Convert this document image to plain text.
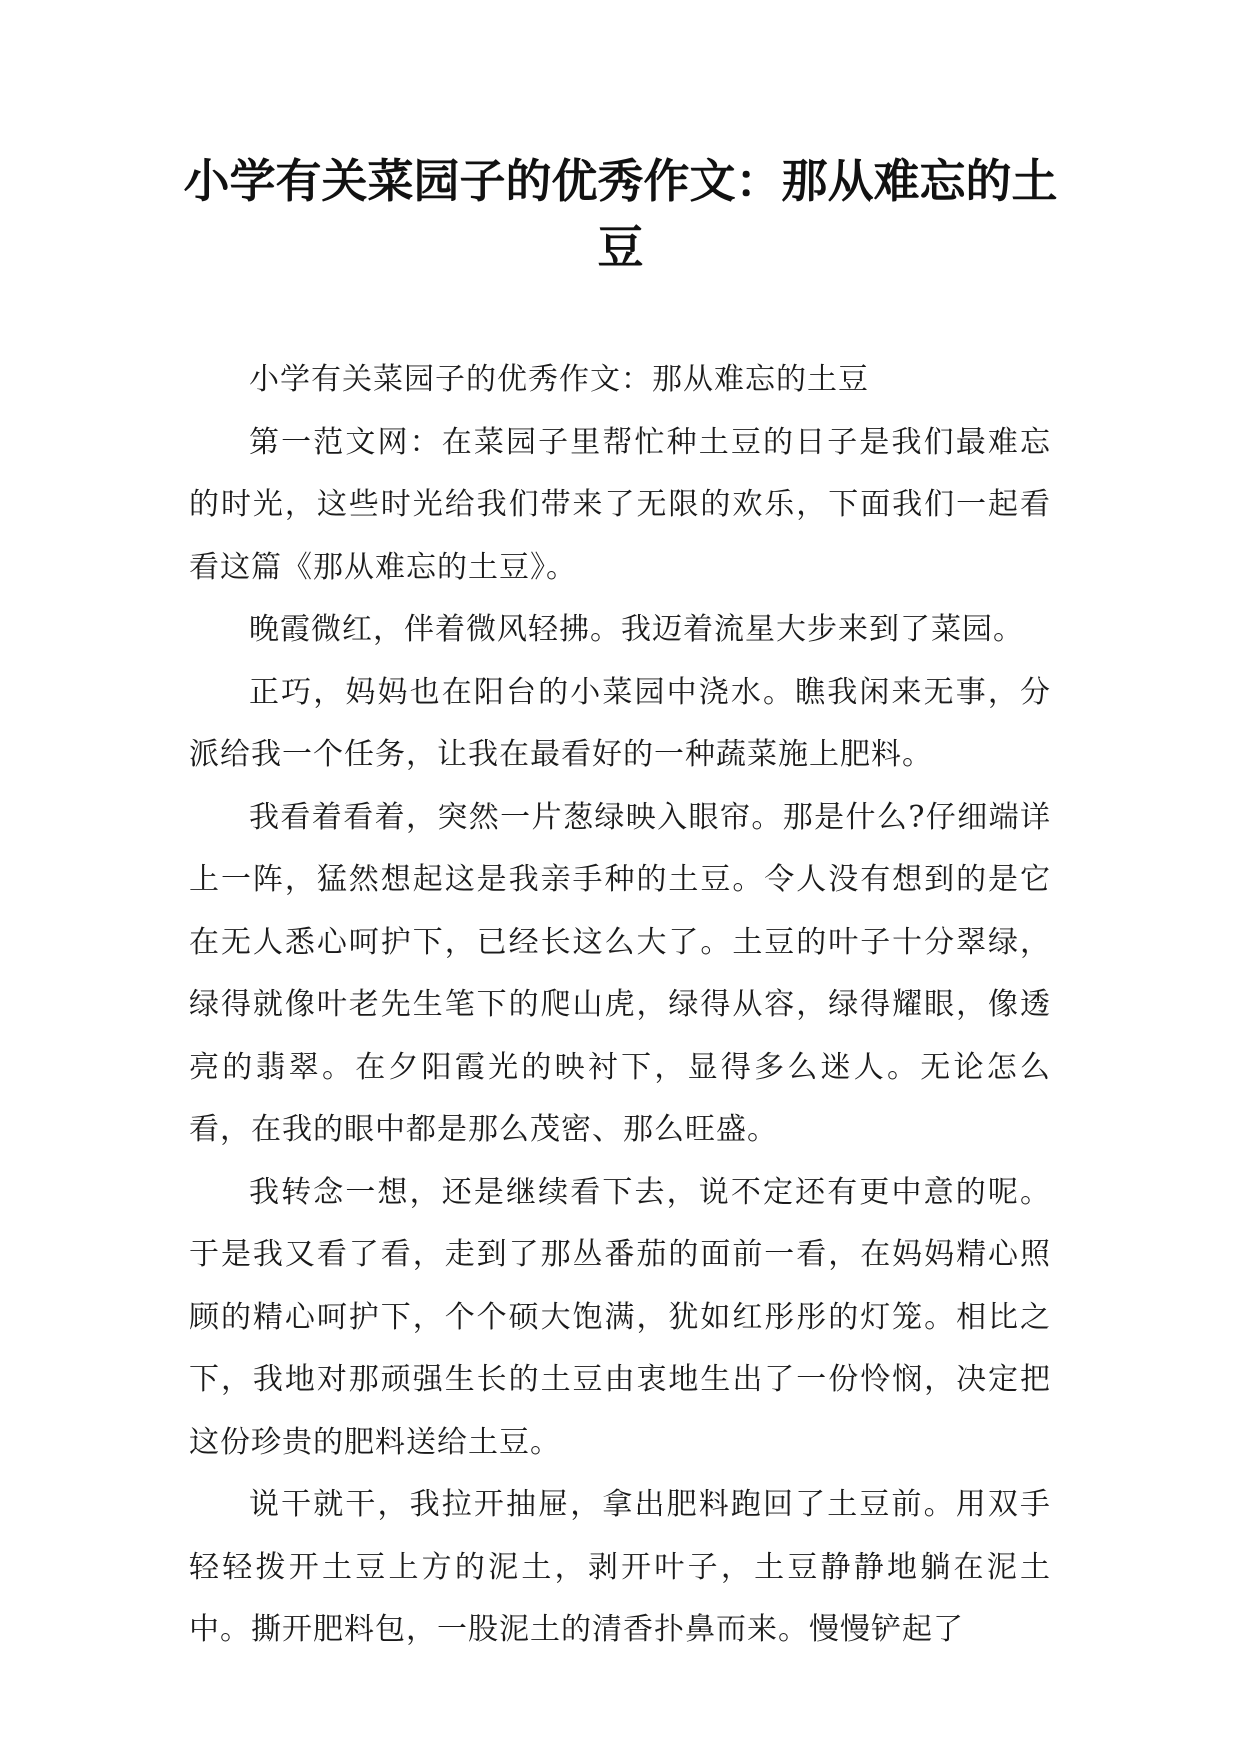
小学有关菜园子的优秀作文：那从难忘的土豆

小学有关菜园子的优秀作文：那从难忘的土豆

第一范文网：在菜园子里帮忙种土豆的日子是我们最难忘的时光，这些时光给我们带来了无限的欢乐，下面我们一起看看这篇《那从难忘的土豆》。

晚霞微红，伴着微风轻拂。我迈着流星大步来到了菜园。

正巧，妈妈也在阳台的小菜园中浇水。瞧我闲来无事，分派给我一个任务，让我在最看好的一种蔬菜施上肥料。

我看着看着，突然一片葱绿映入眼帘。那是什么?仔细端详上一阵，猛然想起这是我亲手种的土豆。令人没有想到的是它在无人悉心呵护下，已经长这么大了。土豆的叶子十分翠绿，绿得就像叶老先生笔下的爬山虎，绿得从容，绿得耀眼，像透亮的翡翠。在夕阳霞光的映衬下，显得多么迷人。无论怎么看，在我的眼中都是那么茂密、那么旺盛。

我转念一想，还是继续看下去，说不定还有更中意的呢。于是我又看了看，走到了那丛番茄的面前一看，在妈妈精心照顾的精心呵护下，个个硕大饱满，犹如红彤彤的灯笼。相比之下，我地对那顽强生长的土豆由衷地生出了一份怜悯，决定把这份珍贵的肥料送给土豆。

说干就干，我拉开抽屉，拿出肥料跑回了土豆前。用双手轻轻拨开土豆上方的泥土，剥开叶子，土豆静静地躺在泥土中。撕开肥料包，一股泥土的清香扑鼻而来。慢慢铲起了
